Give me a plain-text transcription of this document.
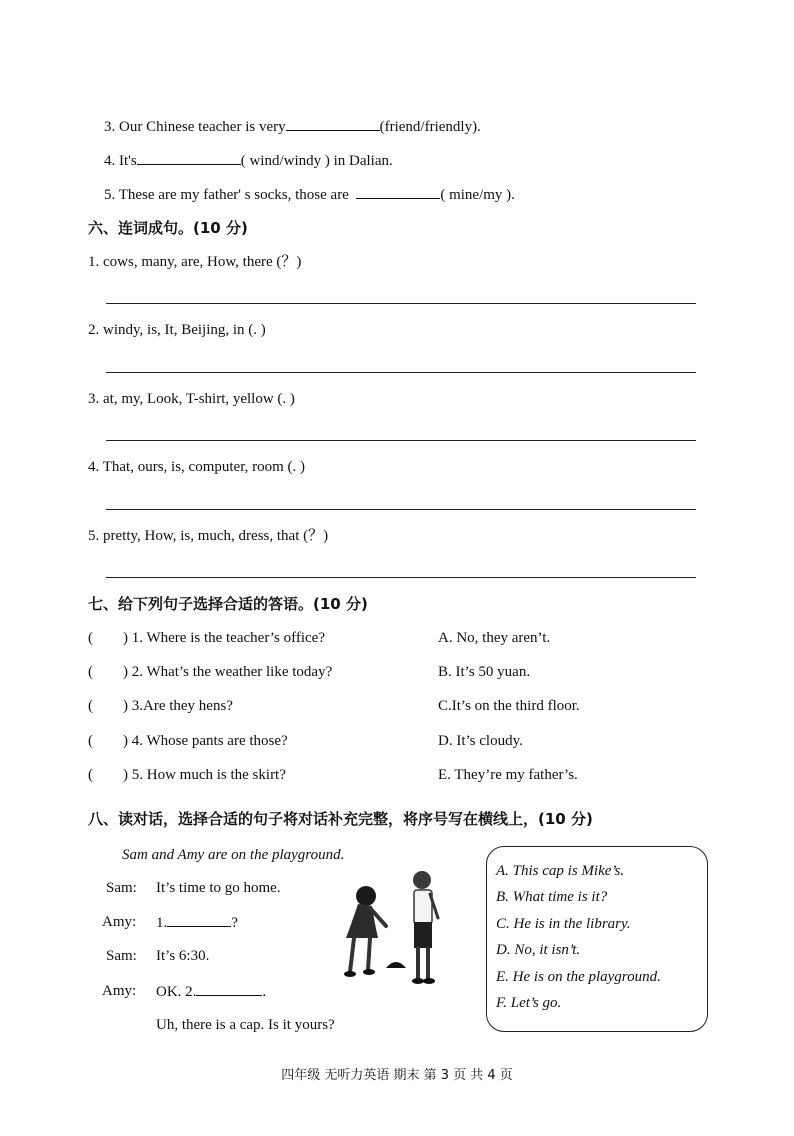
3. Our Chinese teacher is very	(friend/friendly).
4. It's	( wind/windy ) in Dalian.
5. These are my father' s socks, those are	( mine/my ).
六、连词成句。(10 分)
1. cows, many, are, How, there (？)
2. windy, is, It, Beijing, in (. )
3. at, my, Look, T-shirt, yellow (. )
4. That, ours, is, computer, room (. )
5. pretty, How, is, much, dress, that (？)
七、给下列句子选择合适的答语。(10 分)
(        ) 1. Where is the teacher’s office?	A. No, they aren’t.
(        ) 2. What’s the weather like today?	B. It’s 50 yuan.
(        ) 3.Are they hens?	C.It’s on the third floor.
(        ) 4. Whose pants are those?	D. It’s cloudy.
(        ) 5. How much is the skirt?	E. They’re my father’s.
八、读对话，选择合适的句子将对话补充完整，将序号写在横线上，(10 分)
Sam and Amy are on the playground.
Sam: It’s time to go home.
Amy: 1.	?
Sam: It’s 6:30.
Amy: OK. 2.	.
Uh, there is a cap. Is it yours?
A. This cap is Mike’s.
B. What time is it?
C. He is in the library.
D. No, it isn’t.
E. He is on the playground.
F. Let’s go.
四年级 无听力英语 期末 第 3 页 共 4 页
